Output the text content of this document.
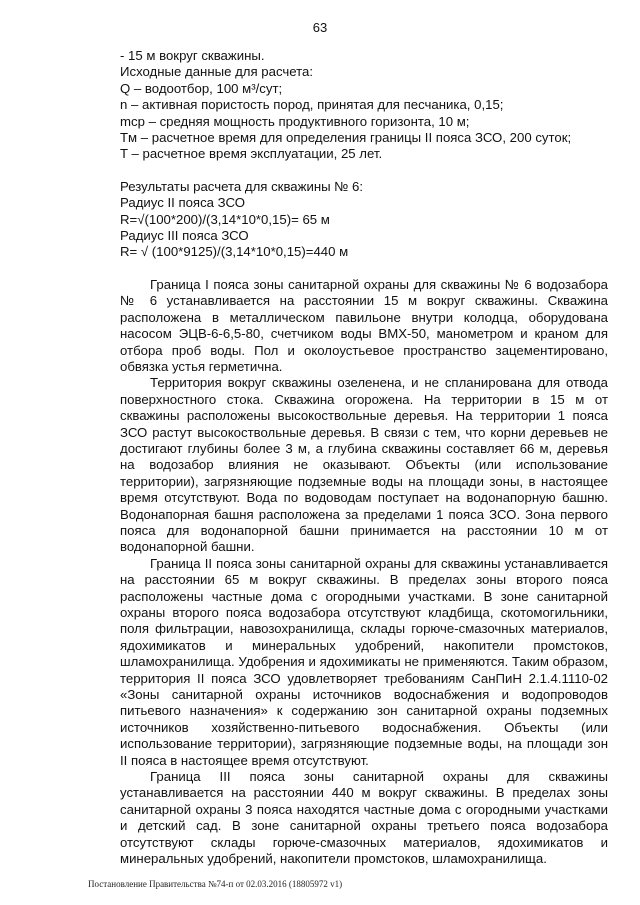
63
- 15 м вокруг скважины.
Исходные данные для расчета:
Q – водоотбор, 100 м³/сут;
n – активная пористость пород, принятая для песчаника, 0,15;
mcp – средняя мощность продуктивного горизонта, 10 м;
Tм – расчетное время для определения границы II пояса ЗСО, 200 суток;
T – расчетное время эксплуатации, 25 лет.
Результаты расчета для скважины № 6:
Радиус II пояса ЗСО
R=√(100*200)/(3,14*10*0,15)= 65 м
Радиус III пояса ЗСО
R= √ (100*9125)/(3,14*10*0,15)=440 м

Граница I пояса зоны санитарной охраны для скважины № 6 водозабора № 6 устанавливается на расстоянии 15 м вокруг скважины. Скважина расположена в металлическом павильоне внутри колодца, оборудована насосом ЭЦВ-6-6,5-80, счетчиком воды ВМХ-50, манометром и краном для отбора проб воды. Пол и околоустьевое пространство зацементировано, обвязка устья герметична.

Территория вокруг скважины озеленена, и не спланирована для отвода поверхностного стока. Скважина огорожена. На территории в 15 м от скважины расположены высокоствольные деревья. На территории 1 пояса ЗСО растут высокоствольные деревья. В связи с тем, что корни деревьев не достигают глубины более 3 м, а глубина скважины составляет 66 м, деревья на водозабор влияния не оказывают. Объекты (или использование территории), загрязняющие подземные воды на площади зоны, в настоящее время отсутствуют. Вода по водоводам поступает на водонапорную башню. Водонапорная башня расположена за пределами 1 пояса ЗСО. Зона первого пояса для водонапорной башни принимается на расстоянии 10 м от водонапорной башни.

Граница II пояса зоны санитарной охраны для скважины устанавливается на расстоянии 65 м вокруг скважины. В пределах зоны второго пояса расположены частные дома с огородными участками. В зоне санитарной охраны второго пояса водозабора отсутствуют кладбища, скотомогильники, поля фильтрации, навозохранилища, склады горюче-смазочных материалов, ядохимикатов и минеральных удобрений, накопители промстоков, шламохранилища. Удобрения и ядохимикаты не применяются. Таким образом, территория II пояса ЗСО удовлетворяет требованиям СанПиН 2.1.4.1110-02 «Зоны санитарной охраны источников водоснабжения и водопроводов питьевого назначения» к содержанию зон санитарной охраны подземных источников хозяйственно-питьевого водоснабжения. Объекты (или использование территории), загрязняющие подземные воды, на площади зон II пояса в настоящее время отсутствуют.

Граница III пояса зоны санитарной охраны для скважины устанавливается на расстоянии 440 м вокруг скважины. В пределах зоны санитарной охраны 3 пояса находятся частные дома с огородными участками и детский сад. В зоне санитарной охраны третьего пояса водозабора отсутствуют склады горюче-смазочных материалов, ядохимикатов и минеральных удобрений, накопители промстоков, шламохранилища.

Постановление Правительства №74-п от 02.03.2016 (18805972 v1)
